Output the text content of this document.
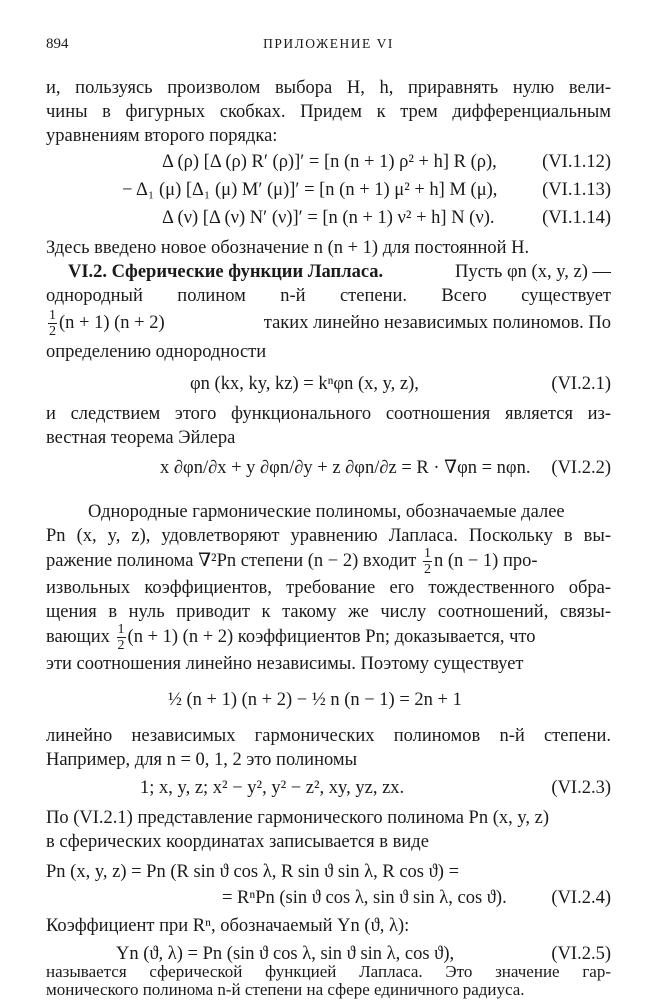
894	ПРИЛОЖЕНИЕ VI
и, пользуясь произволом выбора H, h, приравнять нулю вели-
чины в фигурных скобках. Придем к трем дифференциальным
уравнениям второго порядка:
Δ (ρ) [Δ (ρ) R′ (ρ)]′ = [n (n + 1) ρ² + h] R (ρ), (VI.1.12)
− Δ₁ (μ) [Δ₁ (μ) M′ (μ)]′ = [n (n + 1) μ² + h] M (μ), (VI.1.13)
Δ (ν) [Δ (ν) N′ (ν)]′ = [n (n + 1) ν² + h] N (ν).	(VI.1.14)
Здесь введено новое обозначение n (n + 1) для постоянной H.
VI.2. Сферические функции Лапласа.	Пусть φn (x, y, z) —
однородный полином n-й степени. Всего существует
$\frac{1}{2} (n + 1) (n + 2)$	таких линейно независимых полиномов. По
определению однородности
φn (kx, ky, kz) = kⁿφn (x, y, z),	(VI.2.1)
и следствием этого функционального соотношения является из-
вестная теорема Эйлера
x ∂φn/∂x + y ∂φn/∂y + z ∂φn/∂z = R · ∇φn = nφn. (VI.2.2)
Однородные гармонические полиномы, обозначаемые далее
Pn (x, y, z), удовлетворяют уравнению Лапласа. Поскольку в вы-
ражение полинома ∇²Pn степени (n − 2) входит $\frac{1}{2}$ n (n − 1) про-
извольных коэффициентов, требование его тождественного обра-
щения в нуль приводит к такому же числу соотношений, связы-
вающих $\frac{1}{2} (n + 1) (n + 2)$ коэффициентов Pn; доказывается, что
эти соотношения линейно независимы. Поэтому существует
½ (n + 1) (n + 2) − ½ n (n − 1) = 2n + 1
линейно независимых гармонических полиномов n-й степени.
Например, для n = 0, 1, 2 это полиномы
1; x, y, z; x² − y², y² − z², xy, yz, zx.	(VI.2.3)
По (VI.2.1) представление гармонического полинома Pn (x, y, z)
в сферических координатах записывается в виде
Pn (x, y, z) = Pn (R sin ϑ cos λ, R sin ϑ sin λ, R cos ϑ) =
= RⁿPn (sin ϑ cos λ, sin ϑ sin λ, cos ϑ). (VI.2.4)
Коэффициент при Rⁿ, обозначаемый Yn (ϑ, λ):
Yn (ϑ, λ) = Pn (sin ϑ cos λ, sin ϑ sin λ, cos ϑ),	(VI.2.5)
называется сферической функцией Лапласа. Это значение гар-
монического полинома n-й степени на сфере единичного радиуса.
